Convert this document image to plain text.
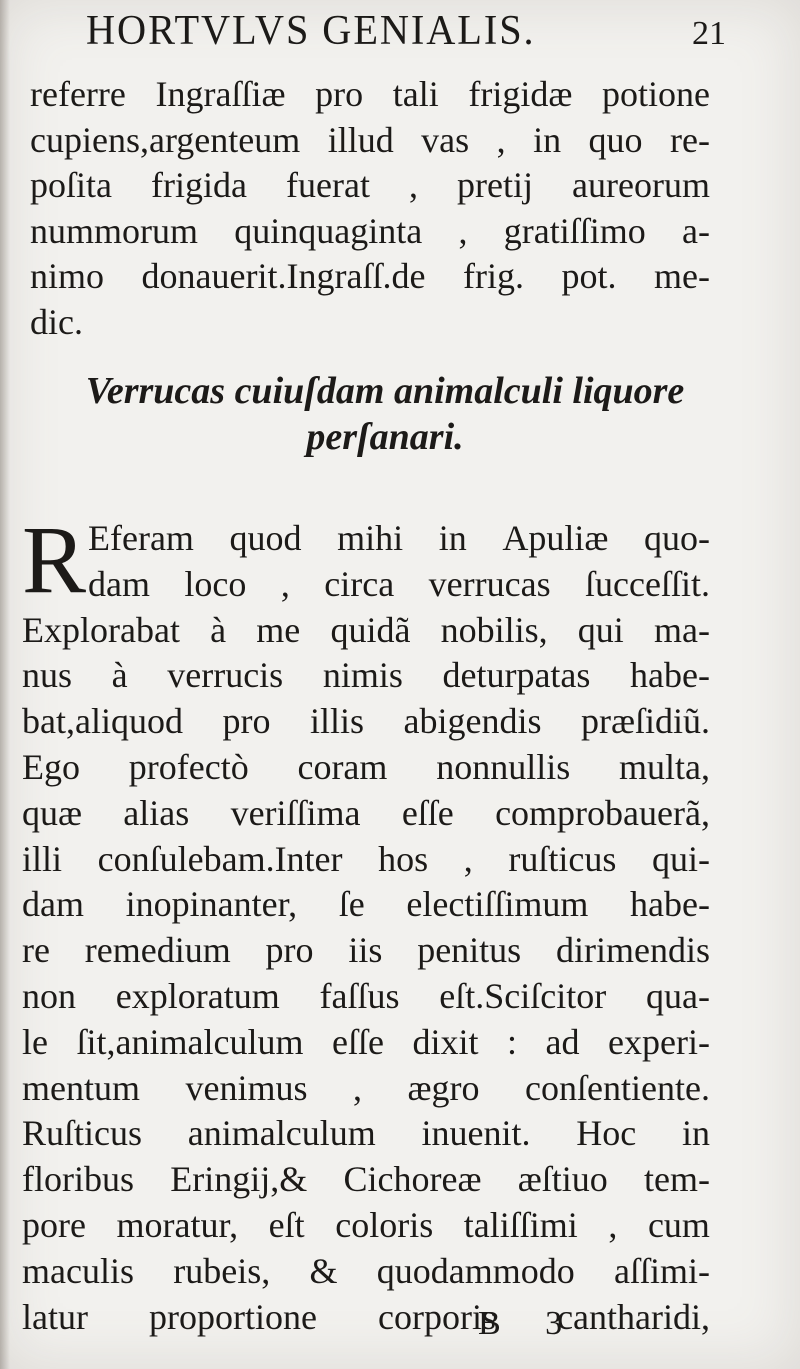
HORTVLVS GENIALIS.	21
referre Ingraſſiæ pro tali frigidæ potione
cupiens,argenteum illud vas , in quo re-
poſita frigida fuerat , pretij aureorum
nummorum quinquaginta , gratiſſimo a-
nimo donauerit.Ingraſſ.de frig. pot. me-
dic.
Verrucas cuiuſdam animalculi liquore
perſanari.
R Eferam quod mihi in Apuliæ quo-
dam loco , circa verrucas ſucceſſit.
Explorabat à me quidã nobilis, qui ma-
nus à verrucis nimis deturpatas habe-
bat,aliquod pro illis abigendis præſidiũ.
Ego profectò coram nonnullis multa,
quæ alias veriſſima eſſe comprobauerã,
illi conſulebam.Inter hos , ruſticus qui-
dam inopinanter, ſe electiſſimum habe-
re remedium pro iis penitus dirimendis
non exploratum faſſus eſt.Sciſcitor qua-
le ſit,animalculum eſſe dixit : ad experi-
mentum venimus , ægro conſentiente.
Ruſticus animalculum inuenit. Hoc in
floribus Eringij,& Cichoreæ æſtiuo tem-
pore moratur, eſt coloris taliſſimi , cum
maculis rubeis, & quodammodo aſſimi-
latur proportione corporis cantharidi,
B 3
